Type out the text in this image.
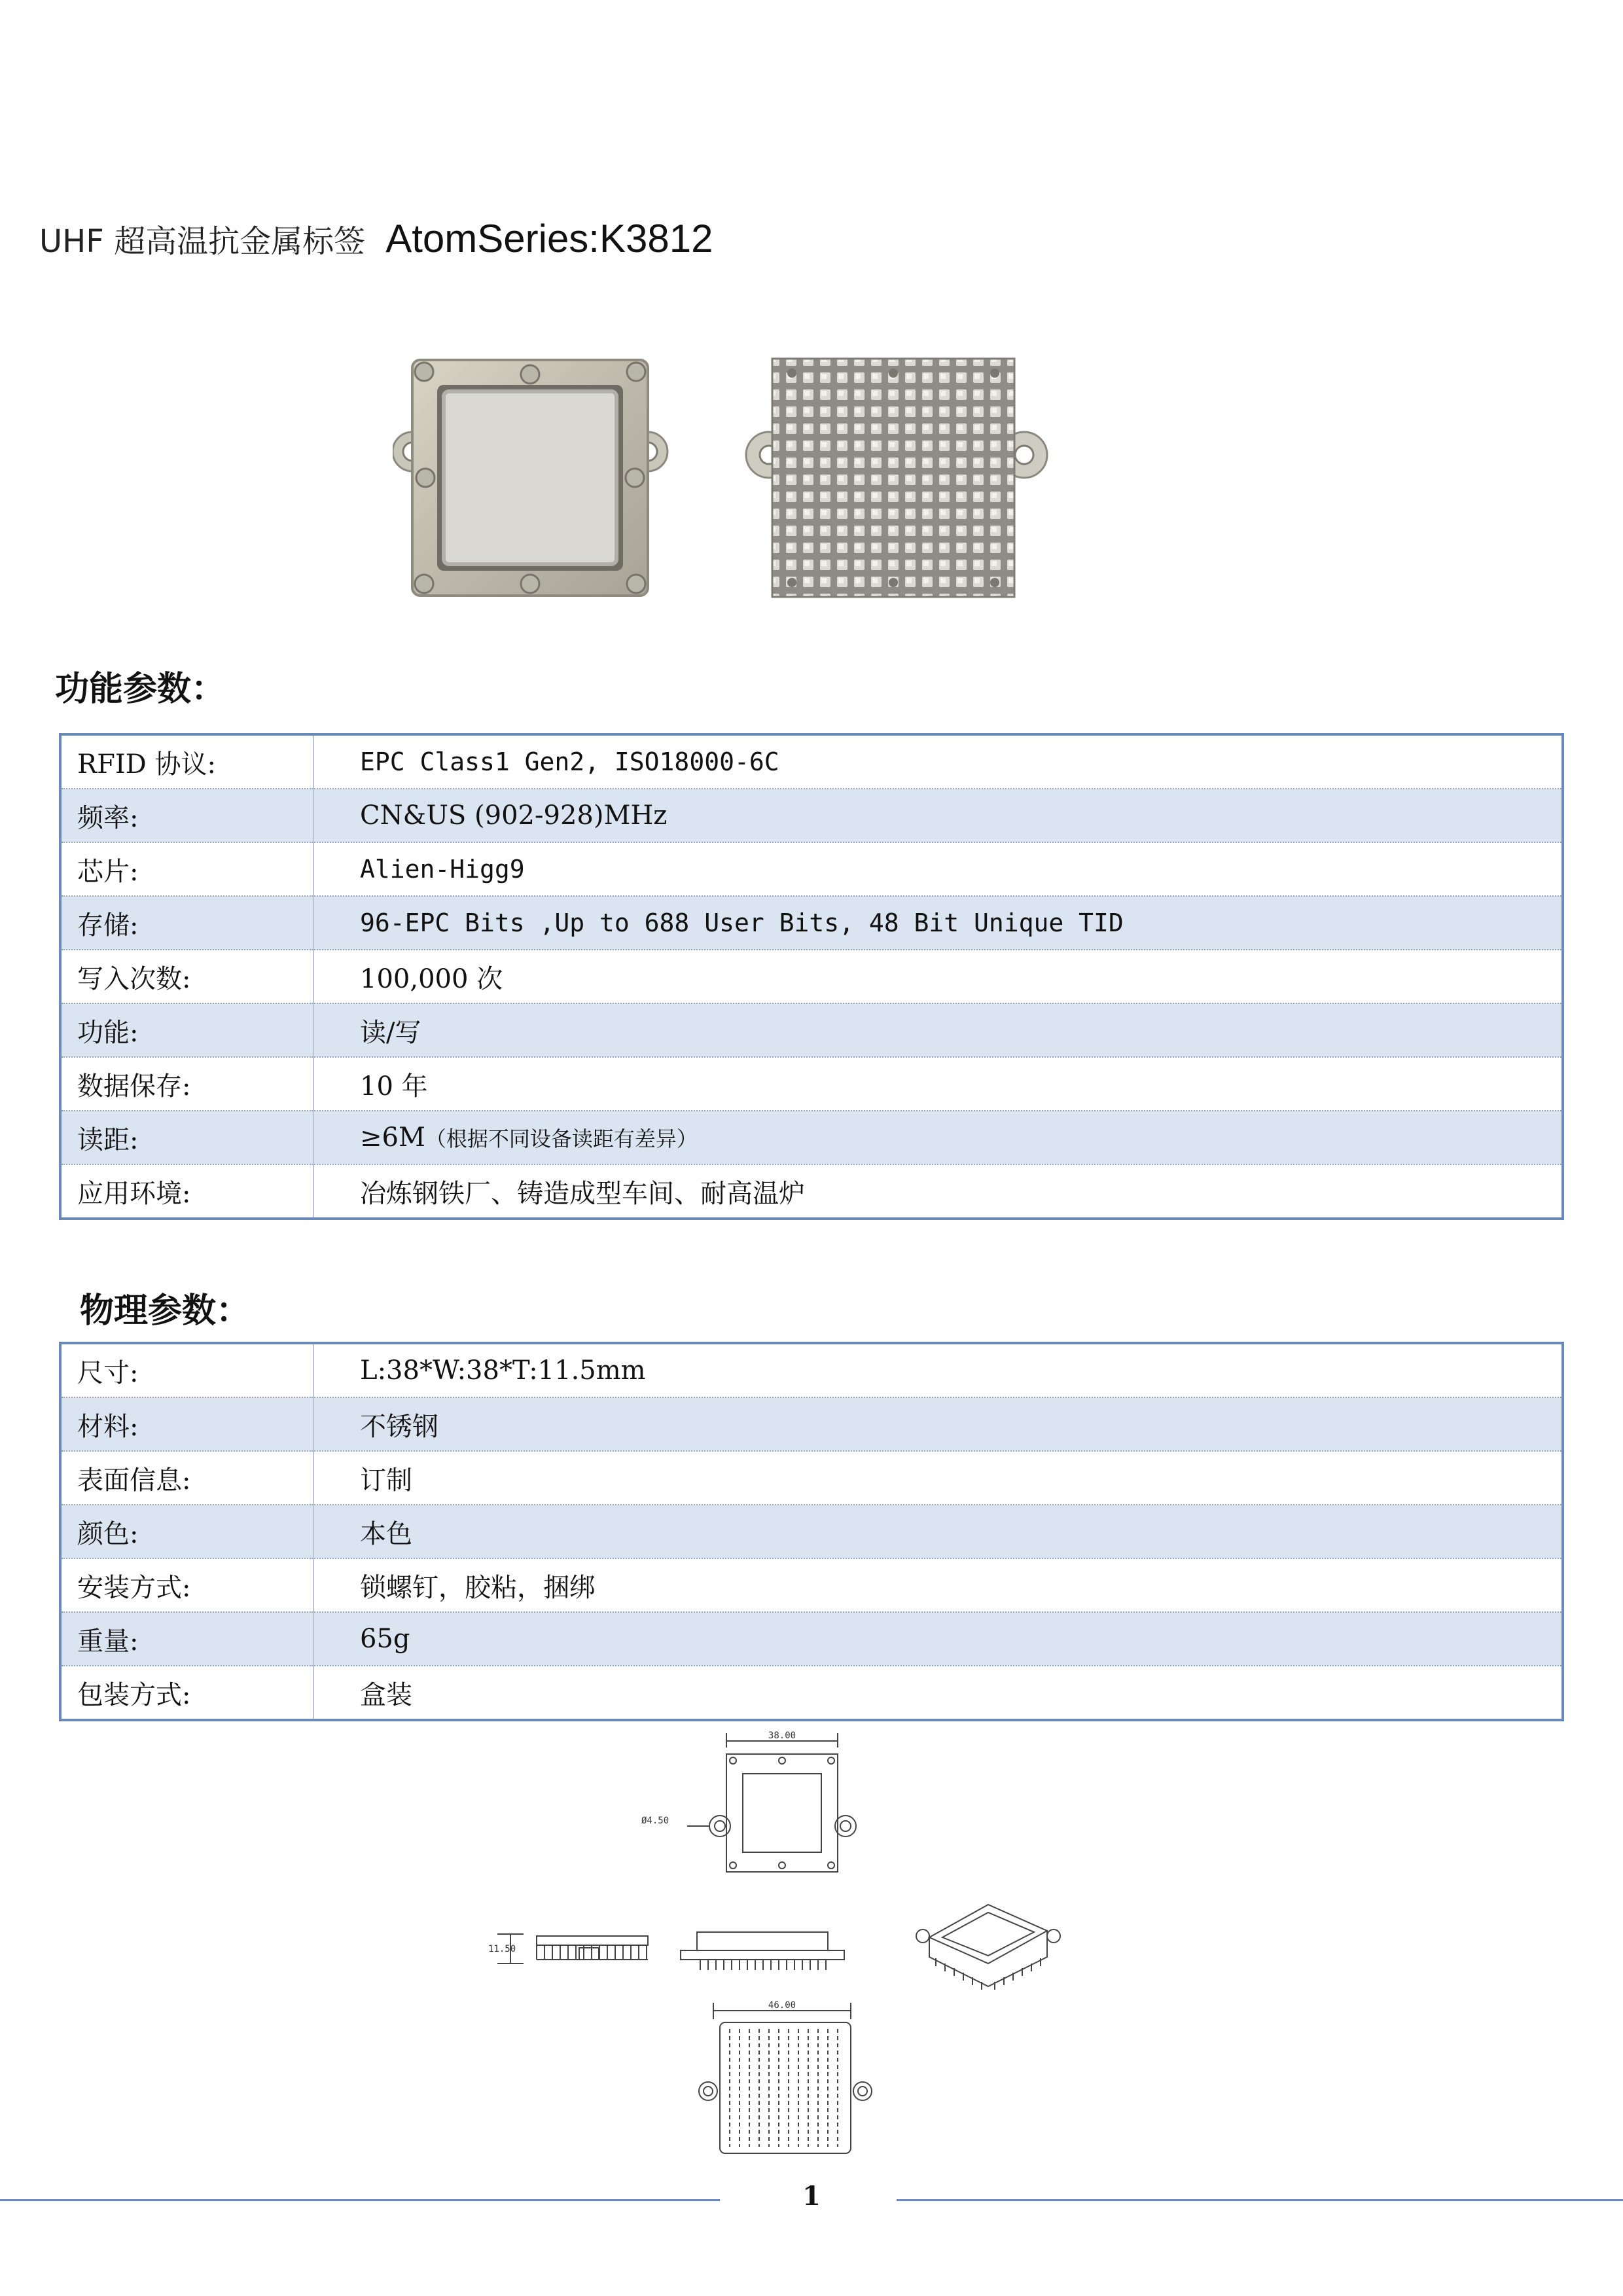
UHF 超高温抗金属标签 AtomSeries:K3812
功能参数：
RFID 协议:	EPC Class1 Gen2, ISO18000-6C
频率:	CN&US (902-928)MHz
芯片:	Alien-Higg9
存储:	96-EPC Bits ,Up to 688 User Bits, 48 Bit Unique TID
写入次数:	100,000 次
功能:	读/写
数据保存:	10 年
读距:	≥6M（根据不同设备读距有差异）
应用环境:	冶炼钢铁厂、铸造成型车间、耐高温炉
物理参数：
尺寸:	L:38*W:38*T:11.5mm
材料:	不锈钢
表面信息:	订制
颜色:	本色
安装方式:	锁螺钉，胶粘，捆绑
重量:	65g
包装方式:	盒装
38.00
Ø4.50
11.50
46.00
1
